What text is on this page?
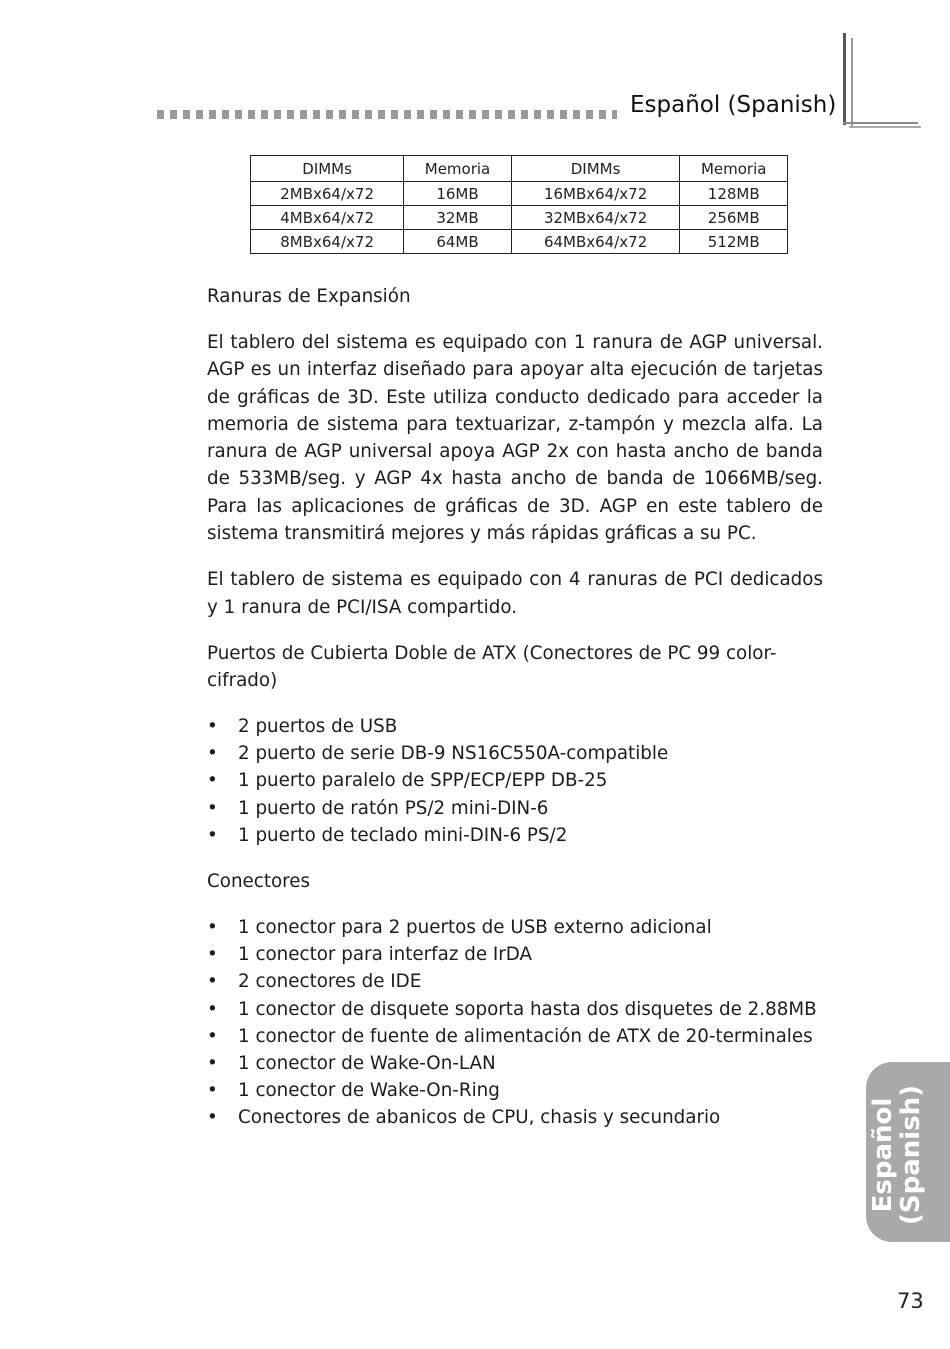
Español (Spanish)
DIMMs	Memoria	DIMMs	Memoria
2MBx64/x72	16MB	16MBx64/x72	128MB
4MBx64/x72	32MB	32MBx64/x72	256MB
8MBx64/x72	64MB	64MBx64/x72	512MB
Ranuras de Expansión

El tablero del sistema es equipado con 1 ranura de AGP universal. AGP es un interfaz diseñado para apoyar alta ejecución de tarjetas de gráficas de 3D. Este utiliza conducto dedicado para acceder la memoria de sistema para textuarizar, z-tampón y mezcla alfa. La ranura de AGP universal apoya AGP 2x con hasta ancho de banda de 533MB/seg. y AGP 4x hasta ancho de banda de 1066MB/seg. Para las aplicaciones de gráficas de 3D. AGP en este tablero de sistema transmitirá mejores y más rápidas gráficas a su PC.

El tablero de sistema es equipado con 4 ranuras de PCI dedicados y 1 ranura de PCI/ISA compartido.

Puertos de Cubierta Doble de ATX (Conectores de PC 99 color-cifrado)
• 2 puertos de USB
• 2 puerto de serie DB-9 NS16C550A-compatible
• 1 puerto paralelo de SPP/ECP/EPP DB-25
• 1 puerto de ratón PS/2 mini-DIN-6
• 1 puerto de teclado mini-DIN-6 PS/2
Conectores
• 1 conector para 2 puertos de USB externo adicional
• 1 conector para interfaz de IrDA
• 2 conectores de IDE
• 1 conector de disquete soporta hasta dos disquetes de 2.88MB
• 1 conector de fuente de alimentación de ATX de 20-terminales
• 1 conector de Wake-On-LAN
• 1 conector de Wake-On-Ring
• Conectores de abanicos de CPU, chasis y secundario	Español
(Spanish)
73
